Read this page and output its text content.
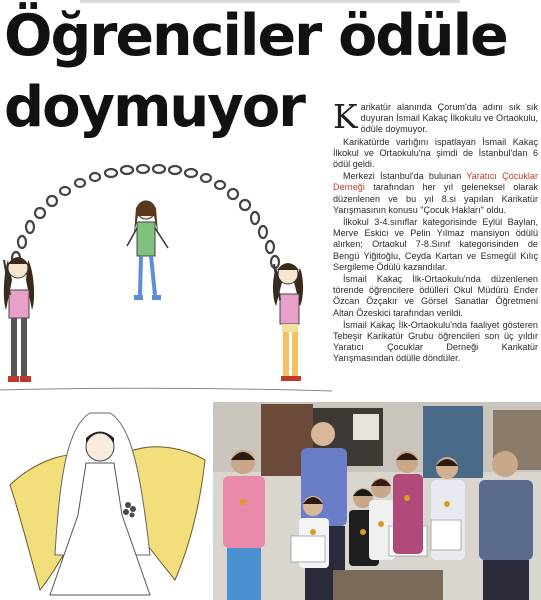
Öğrenciler ödüle
doymuyor Karikatür alanında Çorum'da adını sık sık duyuran İsmail Kakaç İlkokulu ve Ortaokulu, ödüle doymuyor.

Karikatürde varlığını ispatlayan İsmail Kakaç İlkokul ve Ortaokulu'na şimdi de İstanbul'dan 6 ödül geldi.

Merkezi İstanbul'da bulunan Yaratıcı Çocuklar Derneği tarafından her yıl geleneksel olarak düzenlenen ve bu yıl 8.si yapılan Karikatür Yarışmasının konusu "Çocuk Hakları" oldu.

İlkokul 3-4.sınıflar kategorisinde Eylül Baylan, Merve Eskici ve Pelin Yılmaz mansiyon ödülü alırken; Ortaokul 7-8.Sınıf kategorisinden de Bengü Yiğitoğlu, Ceyda Kartan ve Esmegül Kılıç Sergileme Ödülü kazandılar.

İsmail Kakaç İlk-Ortaokulu'nda düzenlenen törende öğrencilere ödülleri Okul Müdürü Ender Özcan Özçakır ve Görsel Sanatlar Öğretmeni Altan Özeskici tarafından verildi.

İsmail Kakaç İlk-Ortaokulu'nda faaliyet gösteren Tebeşir Karikatür Grubu öğrencileri son üç yıldır Yaratıcı Çocuklar Derneği Karikatür Yarışmasından ödülle döndüler.
